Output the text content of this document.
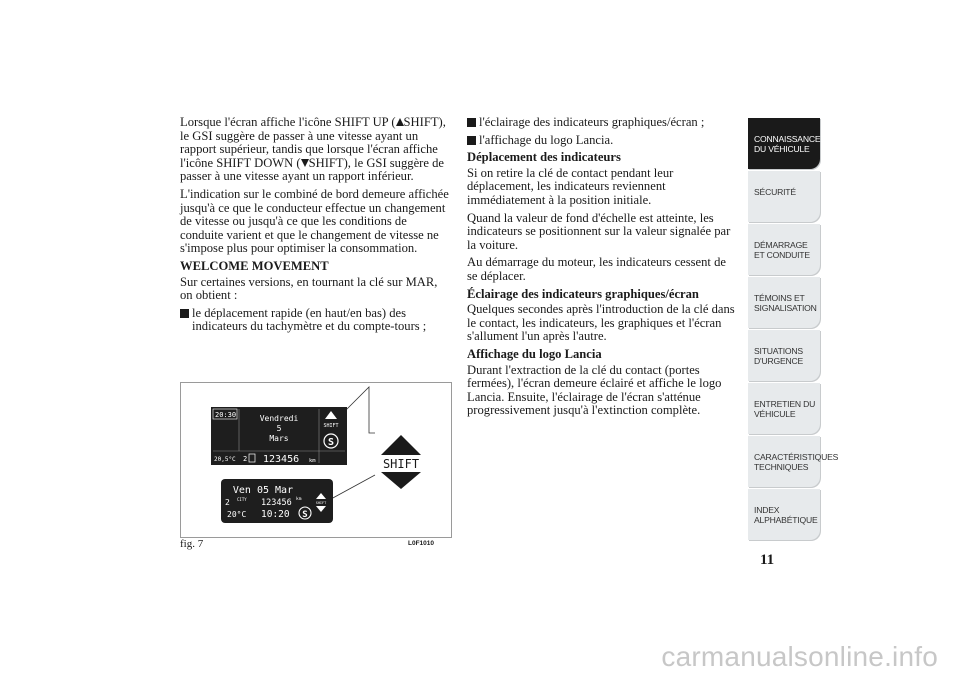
Lorsque l'écran affiche l'icône SHIFT UP ( SHIFT), le GSI suggère de passer à une vitesse ayant un rapport supérieur, tandis que lorsque l'écran affiche l'icône SHIFT DOWN ( SHIFT), le GSI suggère de passer à une vitesse ayant un rapport inférieur.

L'indication sur le combiné de bord demeure affichée jusqu'à ce que le conducteur effectue un changement de vitesse ou jusqu'à ce que les conditions de conduite varient et que le changement de vitesse ne s'impose plus pour optimiser la consommation.

WELCOME MOVEMENT

Sur certaines versions, en tournant la clé sur MAR, on obtient :

le déplacement rapide (en haut/en bas) des indicateurs du tachymètre et du compte-tours ;

20:30	Vendredi
5
Mars
20,5°C 2 123456 km
SHIFT
S
SHIFT
Ven 05 Mar
2 CITY 123456 km
20°C 10:20 S
SHIFT
fig. 7	L0F1010

l'éclairage des indicateurs graphiques/écran ;

l'affichage du logo Lancia.

Déplacement des indicateurs

Si on retire la clé de contact pendant leur déplacement, les indicateurs reviennent immédiatement à la position initiale.

Quand la valeur de fond d'échelle est atteinte, les indicateurs se positionnent sur la valeur signalée par la voiture.

Au démarrage du moteur, les indicateurs cessent de se déplacer.

Éclairage des indicateurs graphiques/écran

Quelques secondes après l'introduction de la clé dans le contact, les indicateurs, les graphiques et l'écran s'allument l'un après l'autre.

Affichage du logo Lancia

Durant l'extraction de la clé du contact (portes fermées), l'écran demeure éclairé et affiche le logo Lancia. Ensuite, l'éclairage de l'écran s'atténue progressivement jusqu'à l'extinction complète.

CONNAISSANCE DU VÉHICULE
SÉCURITÉ
DÉMARRAGE ET CONDUITE
TÉMOINS ET SIGNALISATION
SITUATIONS D'URGENCE
ENTRETIEN DU VÉHICULE
CARACTÉRISTIQUES TECHNIQUES
INDEX ALPHABÉTIQUE
11
carmanualsonline.info
